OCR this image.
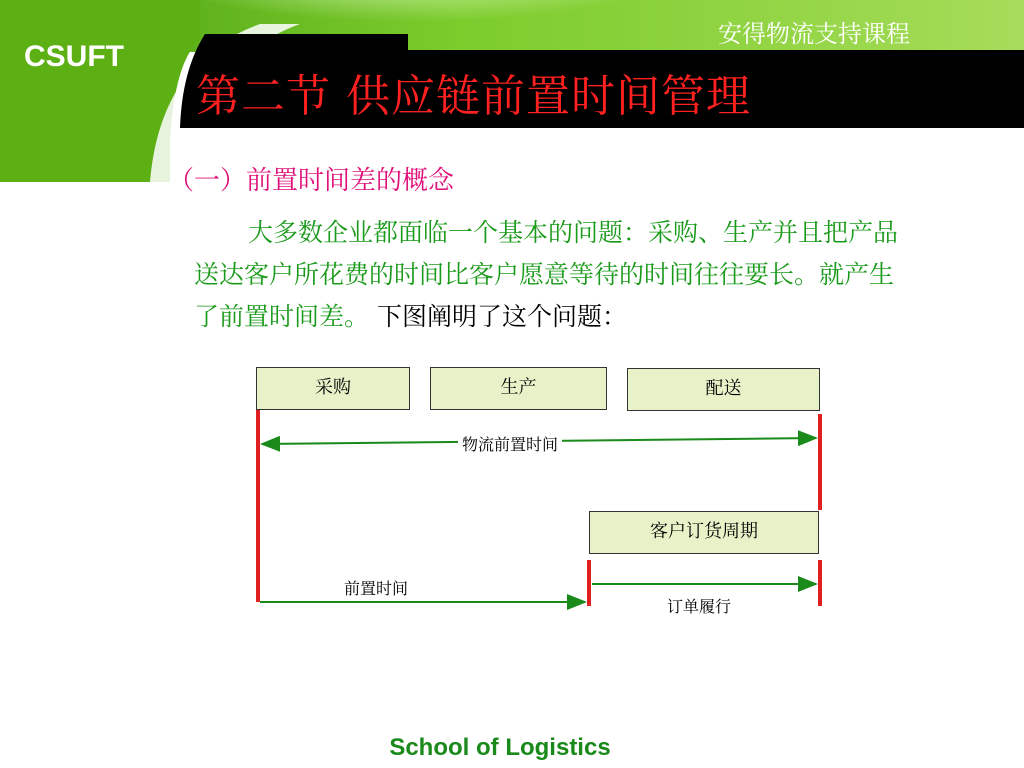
安得物流支持课程
CSUFT
第二节 供应链前置时间管理
（一）前置时间差的概念
大多数企业都面临一个基本的问题：采购、生产并且把产品
送达客户所花费的时间比客户愿意等待的时间往往要长。就产生
了前置时间差。 下图阐明了这个问题：
采购	生产	配送
物流前置时间
客户订货周期
前置时间
订单履行
School of Logistics
